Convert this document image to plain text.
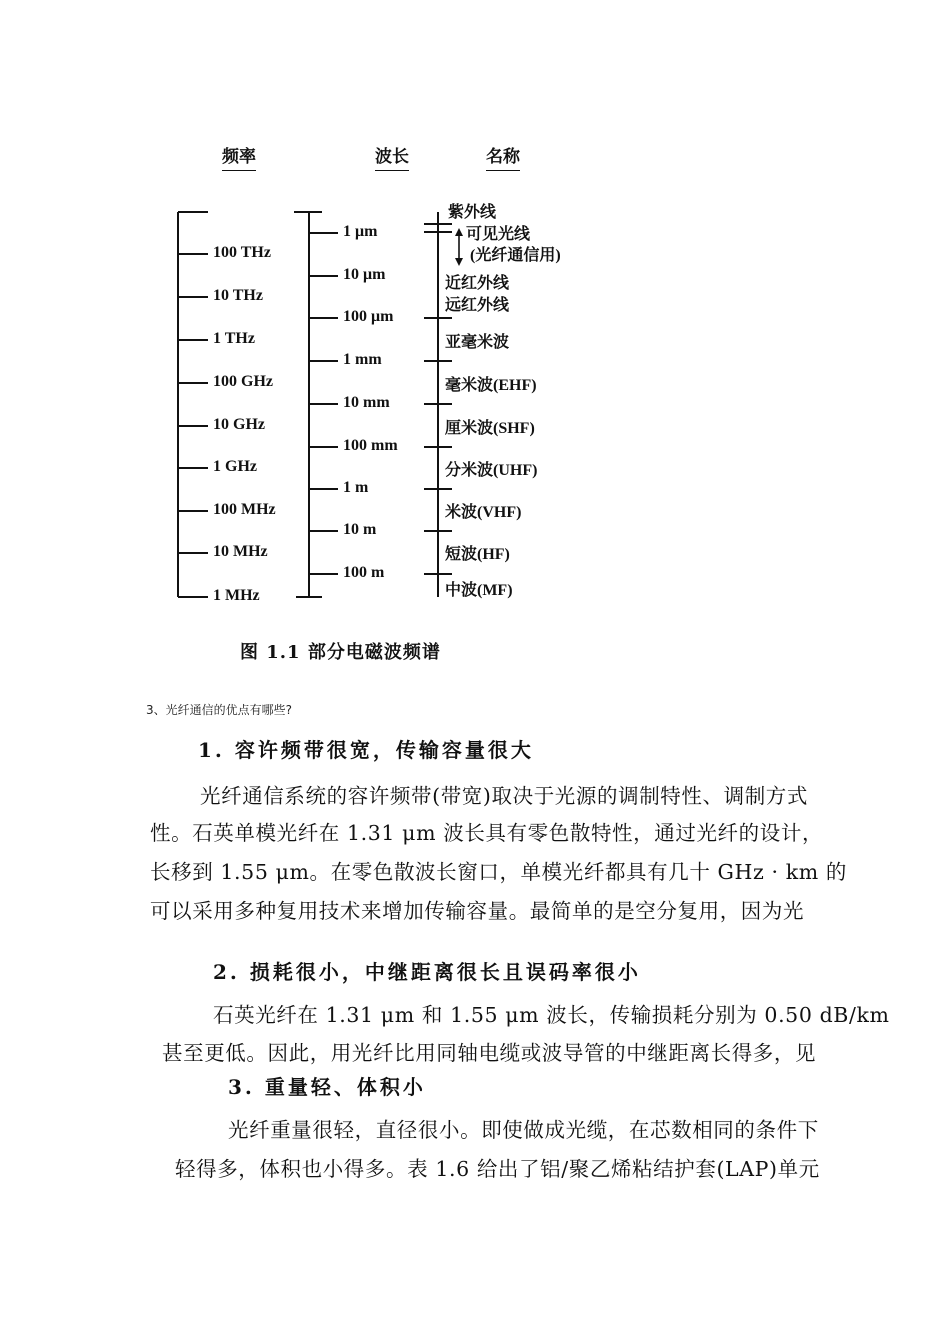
频率	波长	名称
100 THz
10 THz
1 THz
100 GHz
10 GHz
1 GHz
100 MHz
10 MHz
1 MHz
1 μm
10 μm
100 μm
1 mm
10 mm
100 mm
1 m
10 m
100 m
紫外线
可见光线
(光纤通信用)
近红外线
远红外线
亚毫米波
毫米波(EHF)
厘米波(SHF)
分米波(UHF)
米波(VHF)
短波(HF)
中波(MF)
图 1.1 部分电磁波频谱
3、光纤通信的优点有哪些?
1. 容许频带很宽，传输容量很大
光纤通信系统的容许频带(带宽)取决于光源的调制特性、调制方式
性。石英单模光纤在 1.31 μm 波长具有零色散特性，通过光纤的设计，
长移到 1.55 μm。在零色散波长窗口，单模光纤都具有几十 GHz · km 的
可以采用多种复用技术来增加传输容量。最简单的是空分复用，因为光
2. 损耗很小，中继距离很长且误码率很小
石英光纤在 1.31 μm 和 1.55 μm 波长，传输损耗分别为 0.50 dB/km
甚至更低。因此，用光纤比用同轴电缆或波导管的中继距离长得多，见
3. 重量轻、体积小
光纤重量很轻，直径很小。即使做成光缆，在芯数相同的条件下
轻得多，体积也小得多。表 1.6 给出了铝/聚乙烯粘结护套(LAP)单元
